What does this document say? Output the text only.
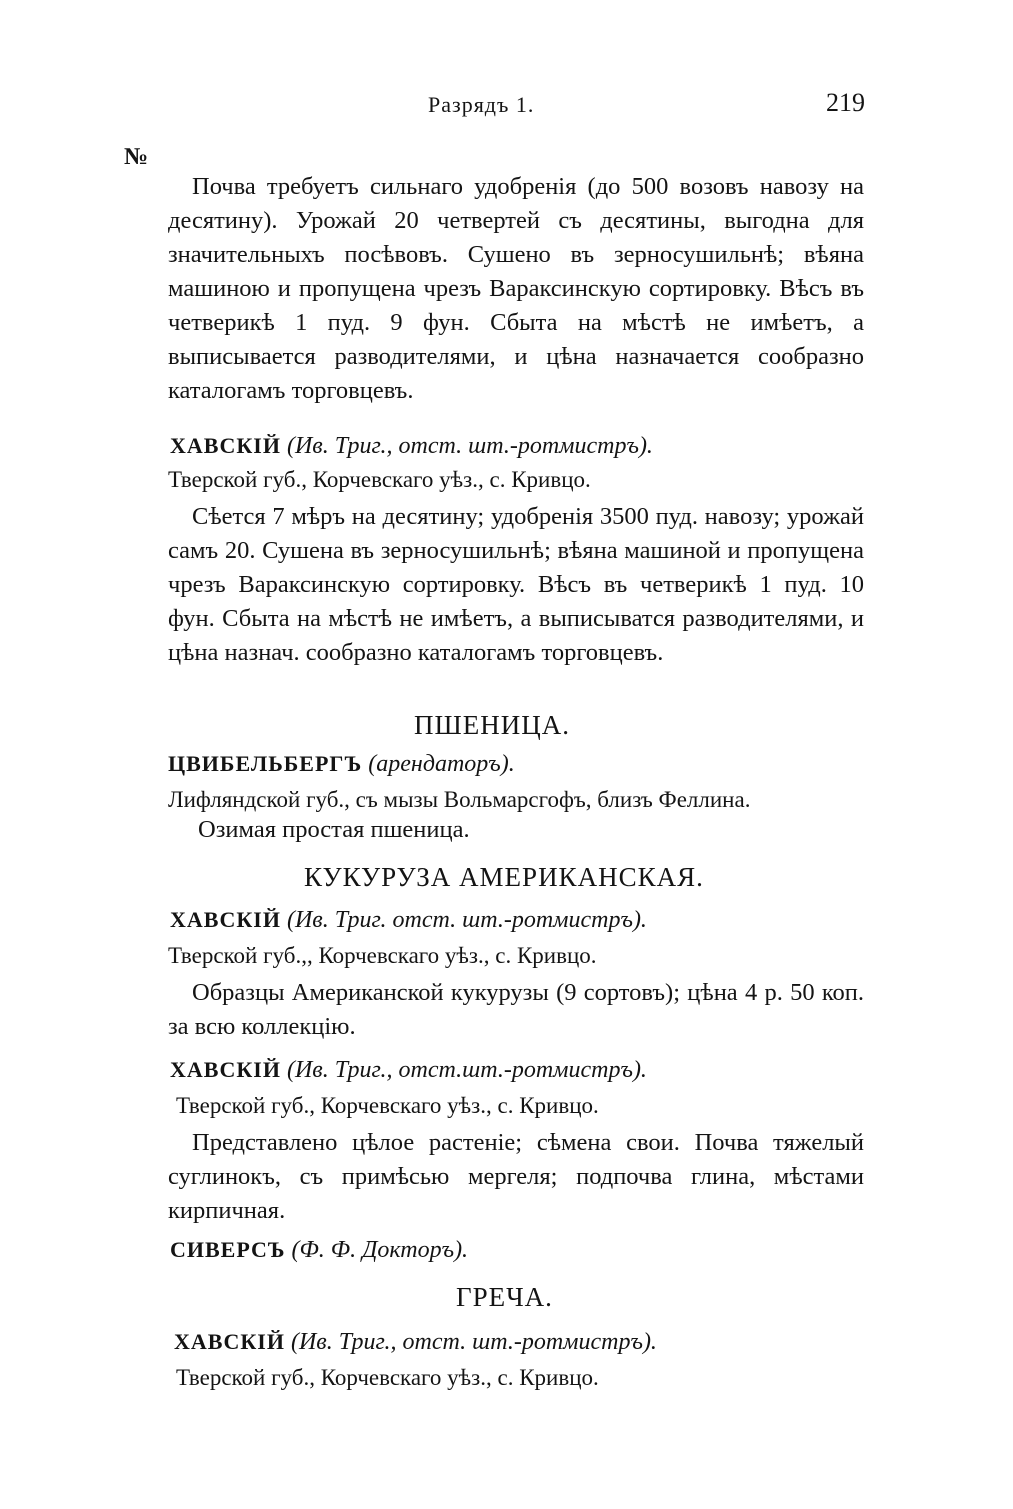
Разрядъ 1.	219
№

Почва требуетъ сильнаго удобренія (до 500 возовъ навозу на десятину). Урожай 20 четвертей съ десятины, выгодна для значительныхъ посѣвовъ. Сушено въ зерносушильнѣ; вѣяна машиною и пропущена чрезъ Вараксинскую сортировку. Вѣсъ въ четверикѣ 1 пуд. 9 фун. Сбыта на мѣстѣ не имѣетъ, а выписывается разводителями, и цѣна назначается сообразно каталогамъ торговцевъ.

ХАВСКІЙ (Ив. Триг., отст. шт.-ротмистръ).
Тверской губ., Корчевскаго уѣз., с. Кривцо.

Сѣется 7 мѣръ на десятину; удобренія 3500 пуд. навозу; урожай самъ 20. Сушена въ зерносушильнѣ; вѣяна машиной и пропущена чрезъ Вараксинскую сортировку. Вѣсъ въ четверикѣ 1 пуд. 10 фун. Сбыта на мѣстѣ не имѣетъ, а выписыватся разводителями, и цѣна назнач. сообразно каталогамъ торговцевъ.

ПШЕНИЦА.
ЦВИБЕЛЬБЕРГЪ (арендаторъ).
Лифляндской губ., съ мызы Вольмарсгофъ, близъ Феллина.
Озимая простая пшеница.
КУКУРУЗА АМЕРИКАНСКАЯ.
ХАВСКІЙ (Ив. Триг. отст. шт.-ротмистръ).
Тверской губ.,, Корчевскаго уѣз., с. Кривцо.

Образцы Американской кукурузы (9 сортовъ); цѣна 4 р. 50 коп. за всю коллекцію.

ХАВСКІЙ (Ив. Триг., отст.шт.-ротмистръ).
Тверской губ., Корчевскаго уѣз., с. Кривцо.

Представлено цѣлое растеніе; сѣмена свои. Почва тяжелый суглинокъ, съ примѣсью мергеля; подпочва глина, мѣстами кирпичная.

СИВЕРСЪ (Ф. Ф. Докторъ).
ГРЕЧА.
ХАВСКІЙ (Ив. Триг., отст. шт.-ротмистръ).
Тверской губ., Корчевскаго уѣз., с. Кривцо.
